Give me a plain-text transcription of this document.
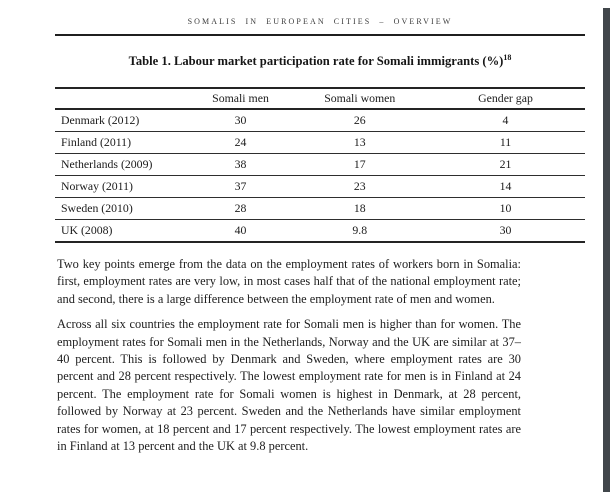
SOMALIS IN EUROPEAN CITIES – OVERVIEW
Table 1. Labour market participation rate for Somali immigrants (%)$^{18}$
	Somali men	Somali women	Gender gap
Denmark (2012)	30	26	4
Finland (2011)	24	13	11
Netherlands (2009)	38	17	21
Norway (2011)	37	23	14
Sweden (2010)	28	18	10
UK (2008)	40	9.8	30

Two key points emerge from the data on the employment rates of workers born in Somalia: first, employment rates are very low, in most cases half that of the national employment rate; and second, there is a large difference between the employment rate of men and women.

Across all six countries the employment rate for Somali men is higher than for women. The employment rates for Somali men in the Netherlands, Norway and the UK are similar at 37–40 percent. This is followed by Denmark and Sweden, where employment rates are 30 percent and 28 percent respectively. The lowest employment rate for men is in Finland at 24 percent. The employment rate for Somali women is highest in Denmark, at 28 percent, followed by Norway at 23 percent. Sweden and the Netherlands have similar employment rates for women, at 18 percent and 17 percent respectively. The lowest employment rates are in Finland at 13 percent and the UK at 9.8 percent.
